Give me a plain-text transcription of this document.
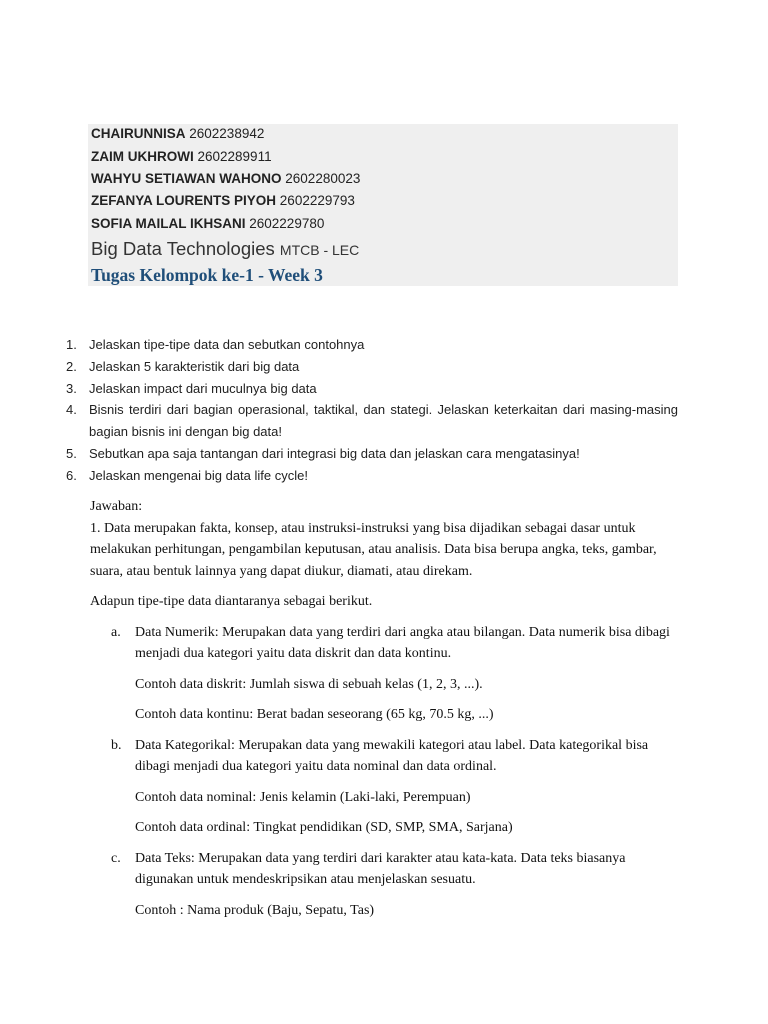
CHAIRUNNISA 2602238942
ZAIM UKHROWI 2602289911
WAHYU SETIAWAN WAHONO 2602280023
ZEFANYA LOURENTS PIYOH 2602229793
SOFIA MAILAL IKHSANI 2602229780
Big Data Technologies MTCB - LEC
Tugas Kelompok ke-1 - Week 3
1. Jelaskan tipe-tipe data dan sebutkan contohnya
2. Jelaskan 5 karakteristik dari big data
3. Jelaskan impact dari muculnya big data
4. Bisnis terdiri dari bagian operasional, taktikal, dan stategi. Jelaskan keterkaitan dari masing-masing bagian bisnis ini dengan big data!
5. Sebutkan apa saja tantangan dari integrasi big data dan jelaskan cara mengatasinya!
6. Jelaskan mengenai big data life cycle!

Jawaban:

1. Data merupakan fakta, konsep, atau instruksi-instruksi yang bisa dijadikan sebagai dasar untuk melakukan perhitungan, pengambilan keputusan, atau analisis. Data bisa berupa angka, teks, gambar, suara, atau bentuk lainnya yang dapat diukur, diamati, atau direkam.

Adapun tipe-tipe data diantaranya sebagai berikut.

a. Data Numerik: Merupakan data yang terdiri dari angka atau bilangan. Data numerik bisa dibagi menjadi dua kategori yaitu data diskrit dan data kontinu.

Contoh data diskrit: Jumlah siswa di sebuah kelas (1, 2, 3, ...).

Contoh data kontinu: Berat badan seseorang (65 kg, 70.5 kg, ...)

b. Data Kategorikal: Merupakan data yang mewakili kategori atau label. Data kategorikal bisa dibagi menjadi dua kategori yaitu data nominal dan data ordinal.

Contoh data nominal: Jenis kelamin (Laki-laki, Perempuan)

Contoh data ordinal: Tingkat pendidikan (SD, SMP, SMA, Sarjana)

c. Data Teks: Merupakan data yang terdiri dari karakter atau kata-kata. Data teks biasanya digunakan untuk mendeskripsikan atau menjelaskan sesuatu.

Contoh : Nama produk (Baju, Sepatu, Tas)
